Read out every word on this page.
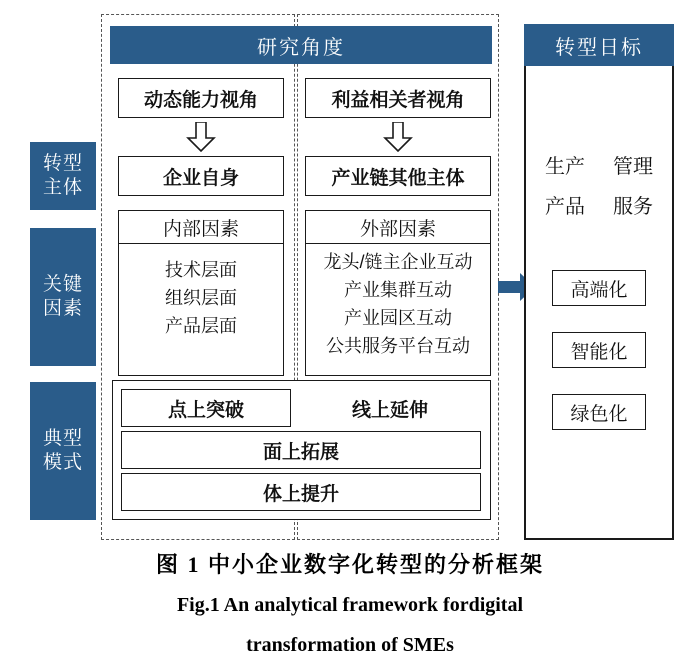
转型
主体
关键
因素
典型
模式
研究角度
动态能力视角	利益相关者视角
企业自身	产业链其他主体
内部因素
技术层面
组织层面
产品层面
外部因素
龙头/链主企业互动
产业集群互动
产业园区互动
公共服务平台互动
点上突破	线上延伸
面上拓展
体上提升
转型日标
生产	管理
产品	服务
高端化
智能化
绿色化
图 1 中小企业数字化转型的分析框架
Fig.1 An analytical framework fordigital
transformation of SMEs
